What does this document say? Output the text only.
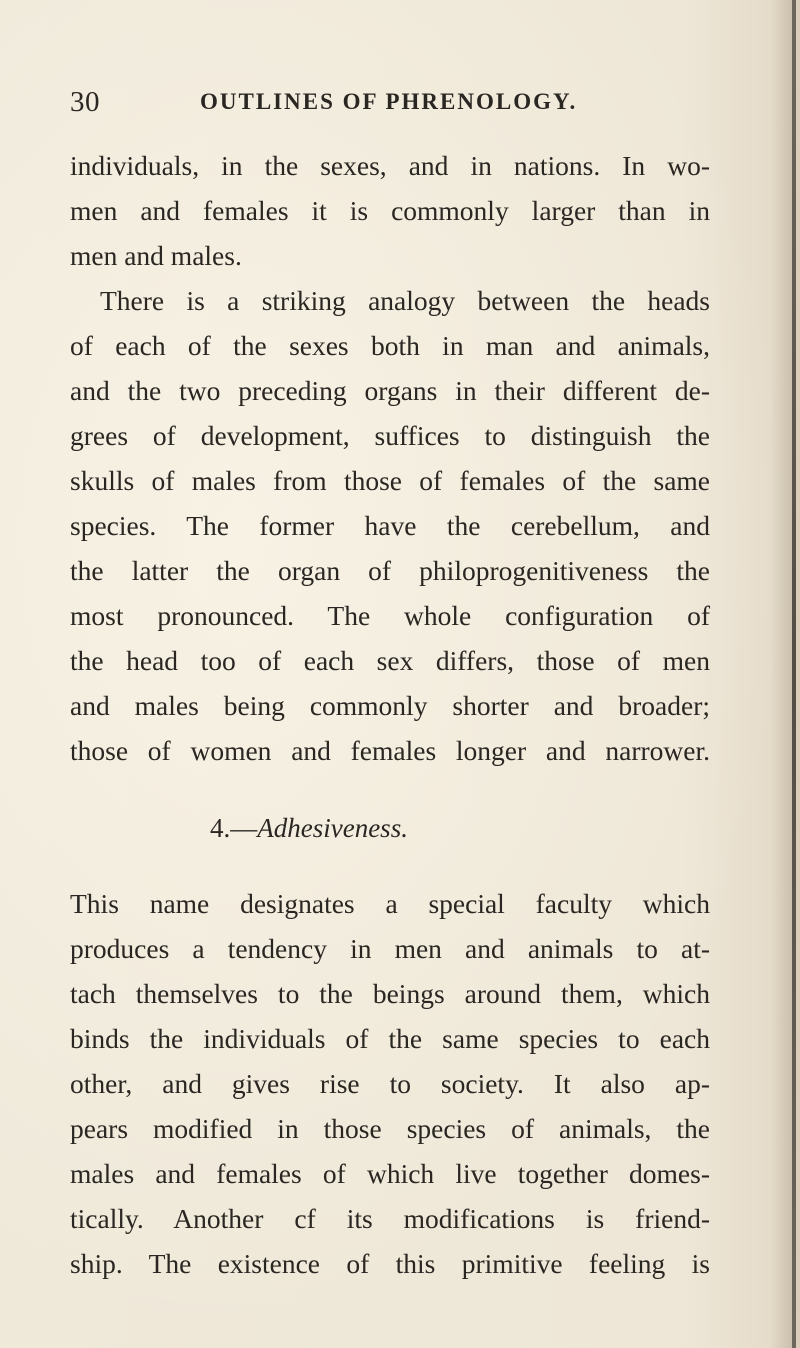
30	OUTLINES OF PHRENOLOGY.
individuals, in the sexes, and in nations. In wo-
men and females it is commonly larger than in
men and males.
There is a striking analogy between the heads
of each of the sexes both in man and animals,
and the two preceding organs in their different de-
grees of development, suffices to distinguish the
skulls of males from those of females of the same
species. The former have the cerebellum, and
the latter the organ of philoprogenitiveness the
most pronounced. The whole configuration of
the head too of each sex differs, those of men
and males being commonly shorter and broader;
those of women and females longer and narrower.
4.—Adhesiveness.
This name designates a special faculty which
produces a tendency in men and animals to at-
tach themselves to the beings around them, which
binds the individuals of the same species to each
other, and gives rise to society. It also ap-
pears modified in those species of animals, the
males and females of which live together domes-
tically. Another cf its modifications is friend-
ship. The existence of this primitive feeling is
